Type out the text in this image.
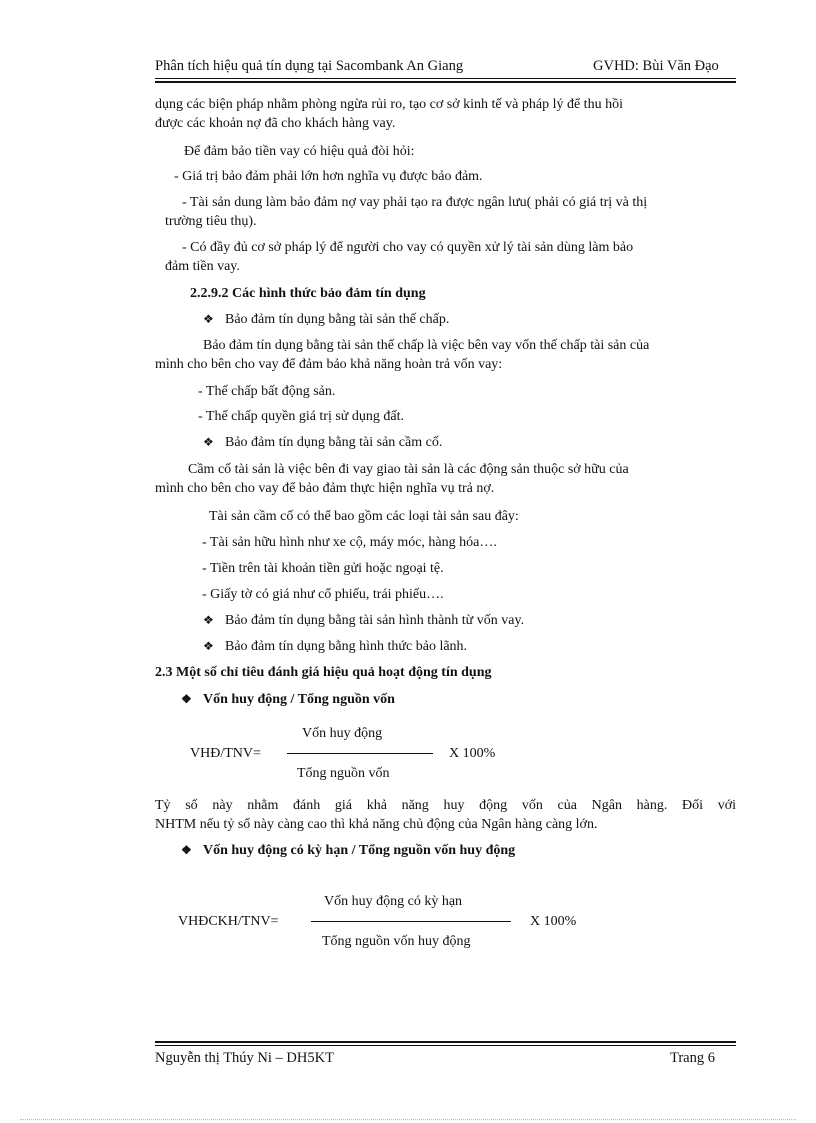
Phân tích hiệu quả tín dụng tại Sacombank An Giang	GVHD: Bùi Văn Đạo
dụng các biện pháp nhằm phòng ngừa rủi ro, tạo cơ sở kinh tế và pháp lý để thu hồi
được các khoản nợ đã cho khách hàng vay.
Để đảm bảo tiền vay có hiệu quả đòi hỏi:
- Giá trị bảo đảm phải lớn hơn nghĩa vụ được bảo đảm.
- Tài sản dung làm bảo đảm nợ vay phải tạo ra được ngân lưu( phải có giá trị và thị
trường tiêu thụ).
- Có đầy đủ cơ sở pháp lý để người cho vay có quyền xử lý tài sản dùng làm bảo
đảm tiền vay.
2.2.9.2 Các hình thức bảo đảm tín dụng
❖ Bảo đảm tín dụng bằng tài sản thế chấp.
Bảo đảm tín dụng bằng tài sản thế chấp là việc bên vay vốn thế chấp tài sản của
mình cho bên cho vay để đảm bảo khả năng hoàn trả vốn vay:
- Thế chấp bất động sản.
- Thế chấp quyền giá trị sử dụng đất.
❖ Bảo đảm tín dụng bằng tài sản cầm cố.
Cầm cố tài sản là việc bên đi vay giao tài sản là các động sản thuộc sở hữu của
mình cho bên cho vay để bảo đảm thực hiện nghĩa vụ trả nợ.
Tài sản cầm cố có thể bao gồm các loại tài sản sau đây:
- Tài sản hữu hình như xe cộ, máy móc, hàng hóa….
- Tiền trên tài khoản tiền gửi hoặc ngoại tệ.
- Giấy tờ có giá như cổ phiếu, trái phiếu….
❖ Bảo đảm tín dụng bằng tài sản hình thành từ vốn vay.
❖ Bảo đảm tín dụng bằng hình thức bảo lãnh.
2.3 Một số chỉ tiêu đánh giá hiệu quả hoạt động tín dụng
❖ Vốn huy động / Tổng nguồn vốn
Vốn huy động
VHĐ/TNV=	X 100%
Tổng nguồn vốn
Tỷ số này nhằm đánh giá khả năng huy động vốn của Ngân hàng. Đối với
NHTM nếu tỷ số này càng cao thì khả năng chủ động của Ngân hàng càng lớn.
❖ Vốn huy động có kỳ hạn / Tổng nguồn vốn huy động
Vốn huy động có kỳ hạn
VHĐCKH/TNV=	X 100%
Tổng nguồn vốn huy động
Nguyễn thị Thúy Ni – DH5KT	Trang 6
